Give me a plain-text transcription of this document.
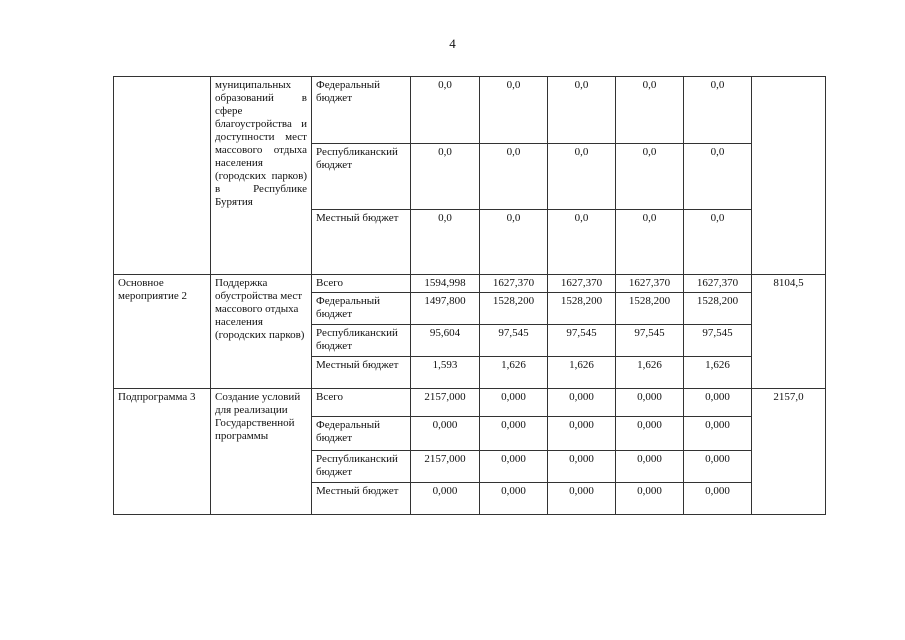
4
	муниципальных образований в сфере благоустройства и доступности мест массового отдыха населения (городских парков) в Республике Бурятия	Федеральный бюджет	0,0	0,0	0,0	0,0	0,0	
		Республиканский бюджет	0,0	0,0	0,0	0,0	0,0	
		Местный бюджет	0,0	0,0	0,0	0,0	0,0	
Основное мероприятие 2	Поддержка обустройства мест массового отдыха населения (городских парков)	Всего	1594,998	1627,370	1627,370	1627,370	1627,370	8104,5
		Федеральный бюджет	1497,800	1528,200	1528,200	1528,200	1528,200	
		Республиканский бюджет	95,604	97,545	97,545	97,545	97,545	
		Местный бюджет	1,593	1,626	1,626	1,626	1,626	
Подпрограмма 3	Создание условий для реализации Государственной программы	Всего	2157,000	0,000	0,000	0,000	0,000	2157,0
		Федеральный бюджет	0,000	0,000	0,000	0,000	0,000	
		Республиканский бюджет	2157,000	0,000	0,000	0,000	0,000	
		Местный бюджет	0,000	0,000	0,000	0,000	0,000	
